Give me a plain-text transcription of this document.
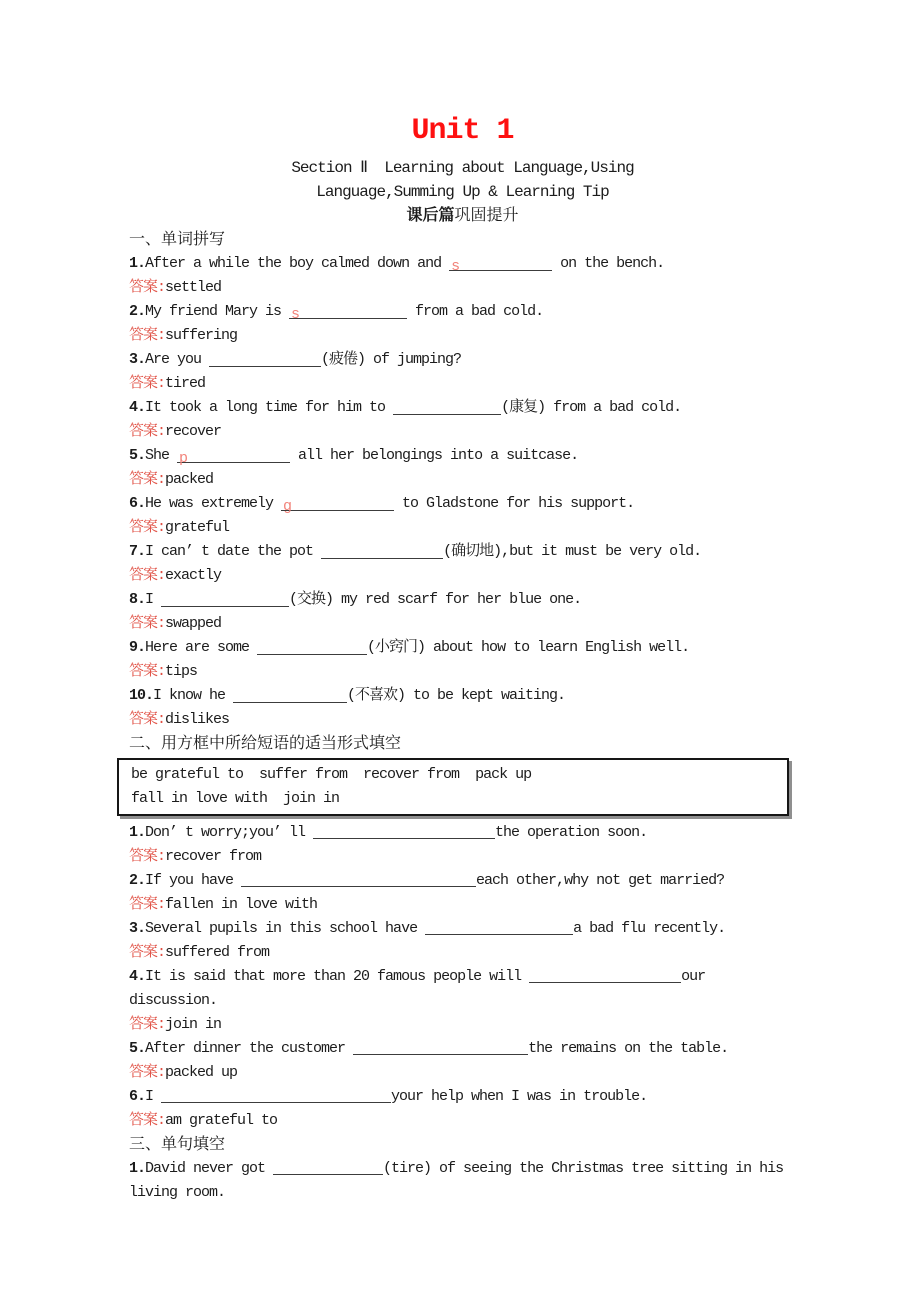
Unit 1
Section Ⅱ  Learning about Language,Using
Language,Summing Up & Learning Tip
课后篇巩固提升
一、单词拼写
1.After a while the boy calmed down and s	on the bench.
答案:settled
2.My friend Mary is s	from a bad cold.
答案:suffering
3.Are you	(疲倦) of jumping?
答案:tired
4.It took a long time for him to	(康复) from a bad cold.
答案:recover
5.She p	all her belongings into a suitcase.
答案:packed
6.He was extremely g	to Gladstone for his support.
答案:grateful
7.I can’ t date the pot	(确切地),but it must be very old.
答案:exactly
8.I	(交换) my red scarf for her blue one.
答案:swapped
9.Here are some	(小窍门) about how to learn English well.
答案:tips
10.I know he	(不喜欢) to be kept waiting.
答案:dislikes
二、用方框中所给短语的适当形式填空
be grateful to  suffer from  recover from  pack up
fall in love with  join in
1.Don’ t worry;you’ ll	the operation soon.
答案:recover from
2.If you have	each other,why not get married?
答案:fallen in love with
3.Several pupils in this school have	a bad flu recently.
答案:suffered from
4.It is said that more than 20 famous people will	our discussion.
答案:join in
5.After dinner the customer	the remains on the table.
答案:packed up
6.I	your help when I was in trouble.
答案:am grateful to
三、单句填空
1.David never got	(tire) of seeing the Christmas tree sitting in his
living room.
